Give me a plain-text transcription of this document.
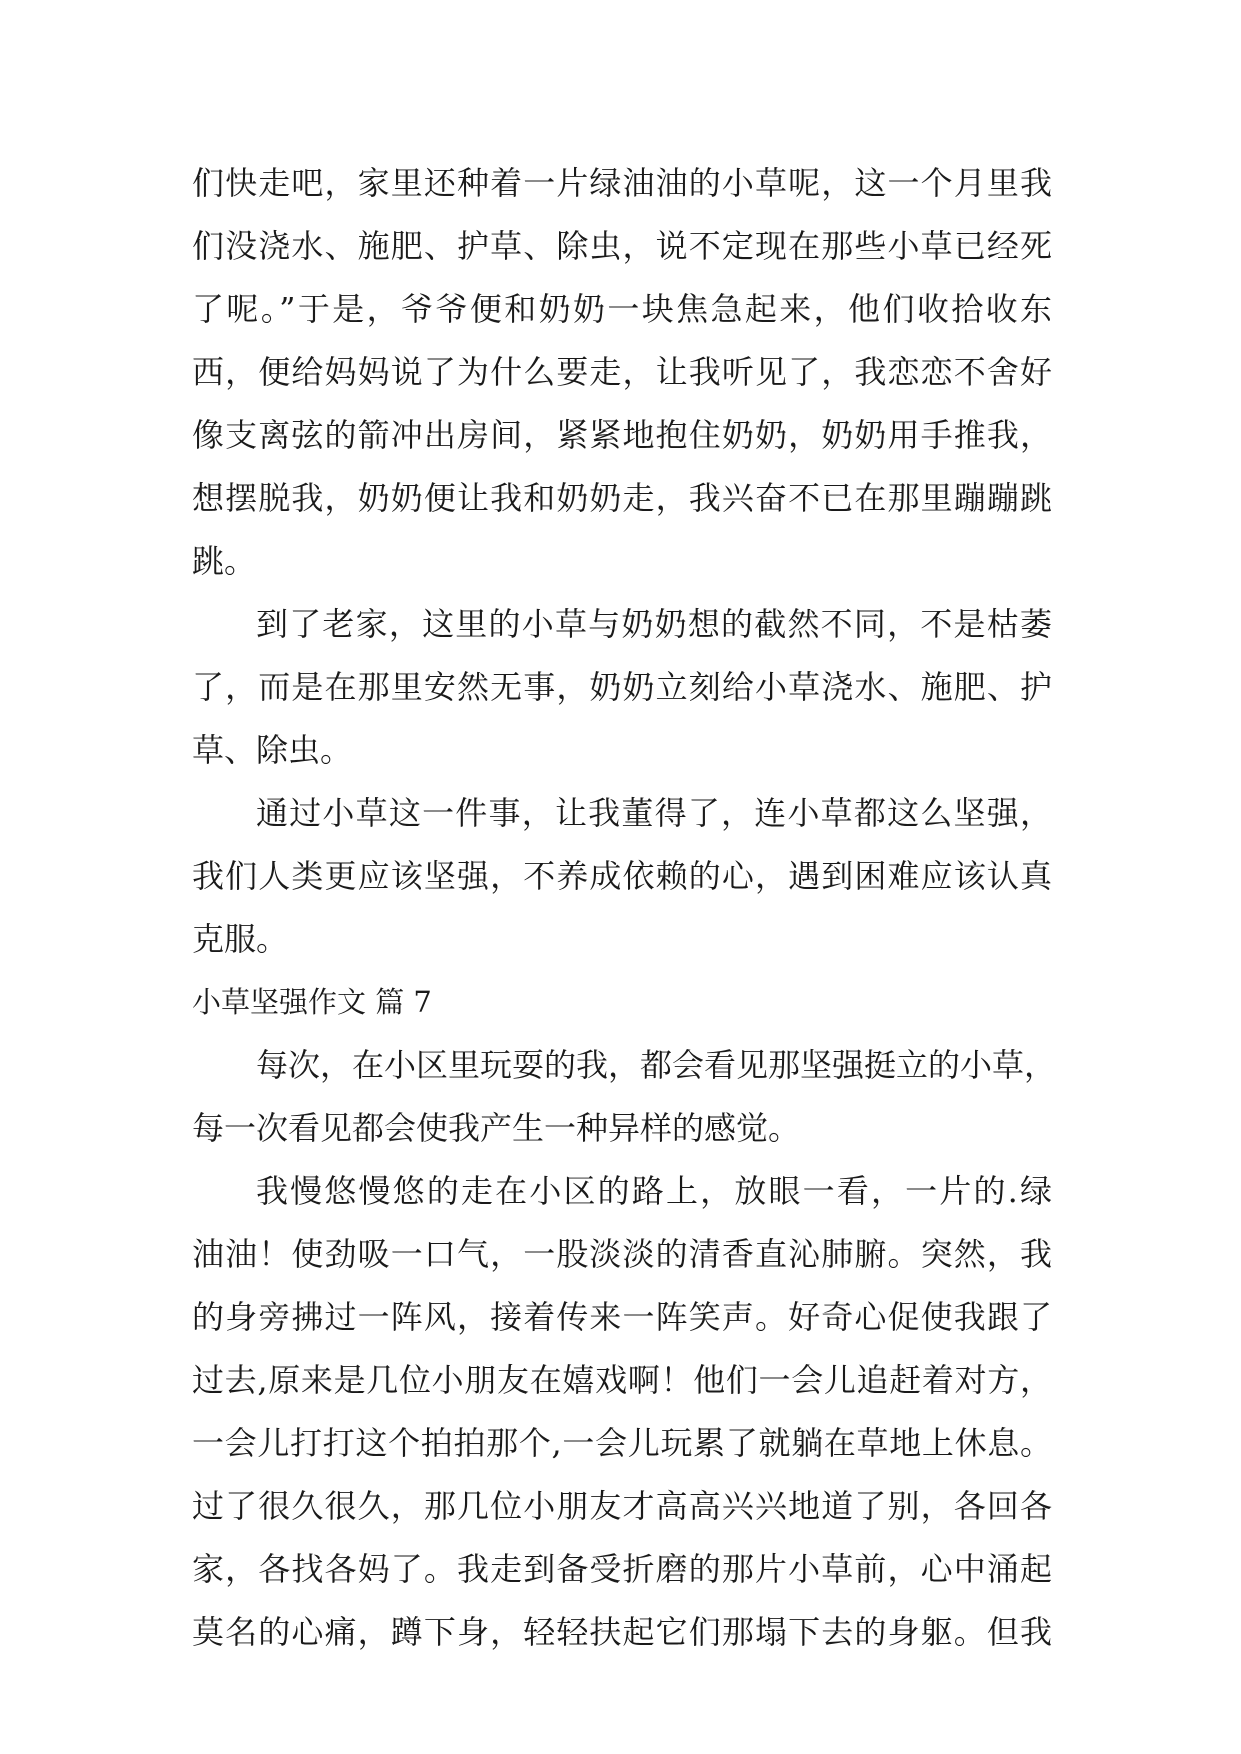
们快走吧，家里还种着一片绿油油的小草呢，这一个月里我
们没浇水、施肥、护草、除虫，说不定现在那些小草已经死
了呢。”于是，爷爷便和奶奶一块焦急起来，他们收拾收东
西，便给妈妈说了为什么要走，让我听见了，我恋恋不舍好
像支离弦的箭冲出房间，紧紧地抱住奶奶，奶奶用手推我，
想摆脱我，奶奶便让我和奶奶走，我兴奋不已在那里蹦蹦跳
跳。
到了老家，这里的小草与奶奶想的截然不同，不是枯萎
了，而是在那里安然无事，奶奶立刻给小草浇水、施肥、护
草、除虫。
通过小草这一件事，让我董得了，连小草都这么坚强，
我们人类更应该坚强，不养成依赖的心，遇到困难应该认真
克服。
小草坚强作文 篇 7
每次，在小区里玩耍的我，都会看见那坚强挺立的小草，
每一次看见都会使我产生一种异样的感觉。
我慢悠慢悠的走在小区的路上，放眼一看，一片的.绿
油油！使劲吸一口气，一股淡淡的清香直沁肺腑。突然，我
的身旁拂过一阵风，接着传来一阵笑声。好奇心促使我跟了
过去,原来是几位小朋友在嬉戏啊！他们一会儿追赶着对方，
一会儿打打这个拍拍那个,一会儿玩累了就躺在草地上休息。
过了很久很久，那几位小朋友才高高兴兴地道了别，各回各
家，各找各妈了。我走到备受折磨的那片小草前，心中涌起
莫名的心痛，蹲下身，轻轻扶起它们那塌下去的身躯。但我
